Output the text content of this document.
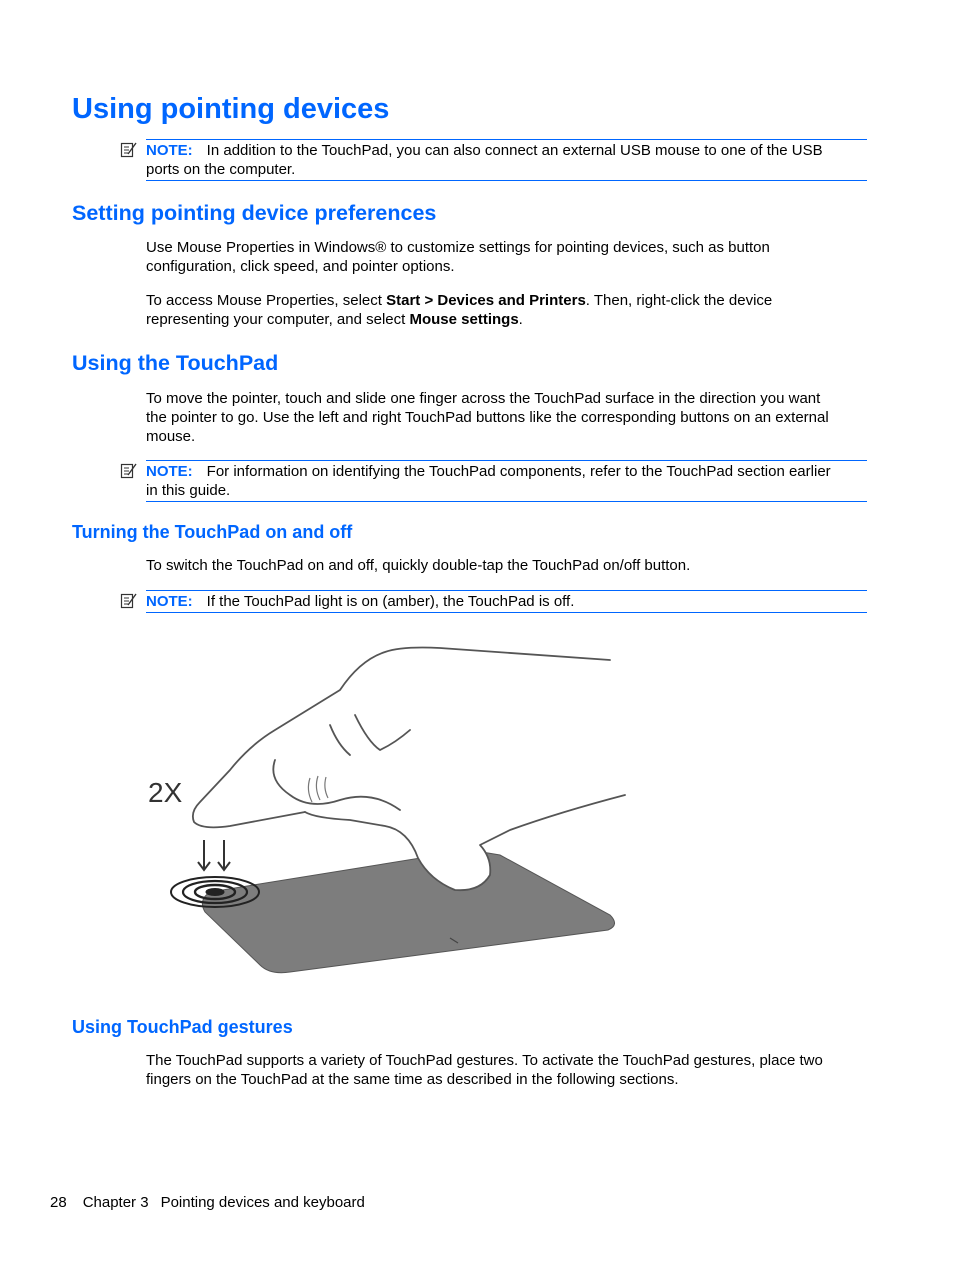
Using pointing devices
NOTE: In addition to the TouchPad, you can also connect an external USB mouse to one of the USB
ports on the computer.
Setting pointing device preferences

Use Mouse Properties in Windows® to customize settings for pointing devices, such as button
configuration, click speed, and pointer options.

To access Mouse Properties, select Start > Devices and Printers. Then, right-click the device
representing your computer, and select Mouse settings.

Using the TouchPad

To move the pointer, touch and slide one finger across the TouchPad surface in the direction you want
the pointer to go. Use the left and right TouchPad buttons like the corresponding buttons on an external
mouse.

NOTE: For information on identifying the TouchPad components, refer to the TouchPad section earlier
in this guide.
Turning the TouchPad on and off

To switch the TouchPad on and off, quickly double-tap the TouchPad on/off button.

NOTE: If the TouchPad light is on (amber), the TouchPad is off.
2X
Using TouchPad gestures

The TouchPad supports a variety of TouchPad gestures. To activate the TouchPad gestures, place two
fingers on the TouchPad at the same time as described in the following sections.

28 Chapter 3 Pointing devices and keyboard
